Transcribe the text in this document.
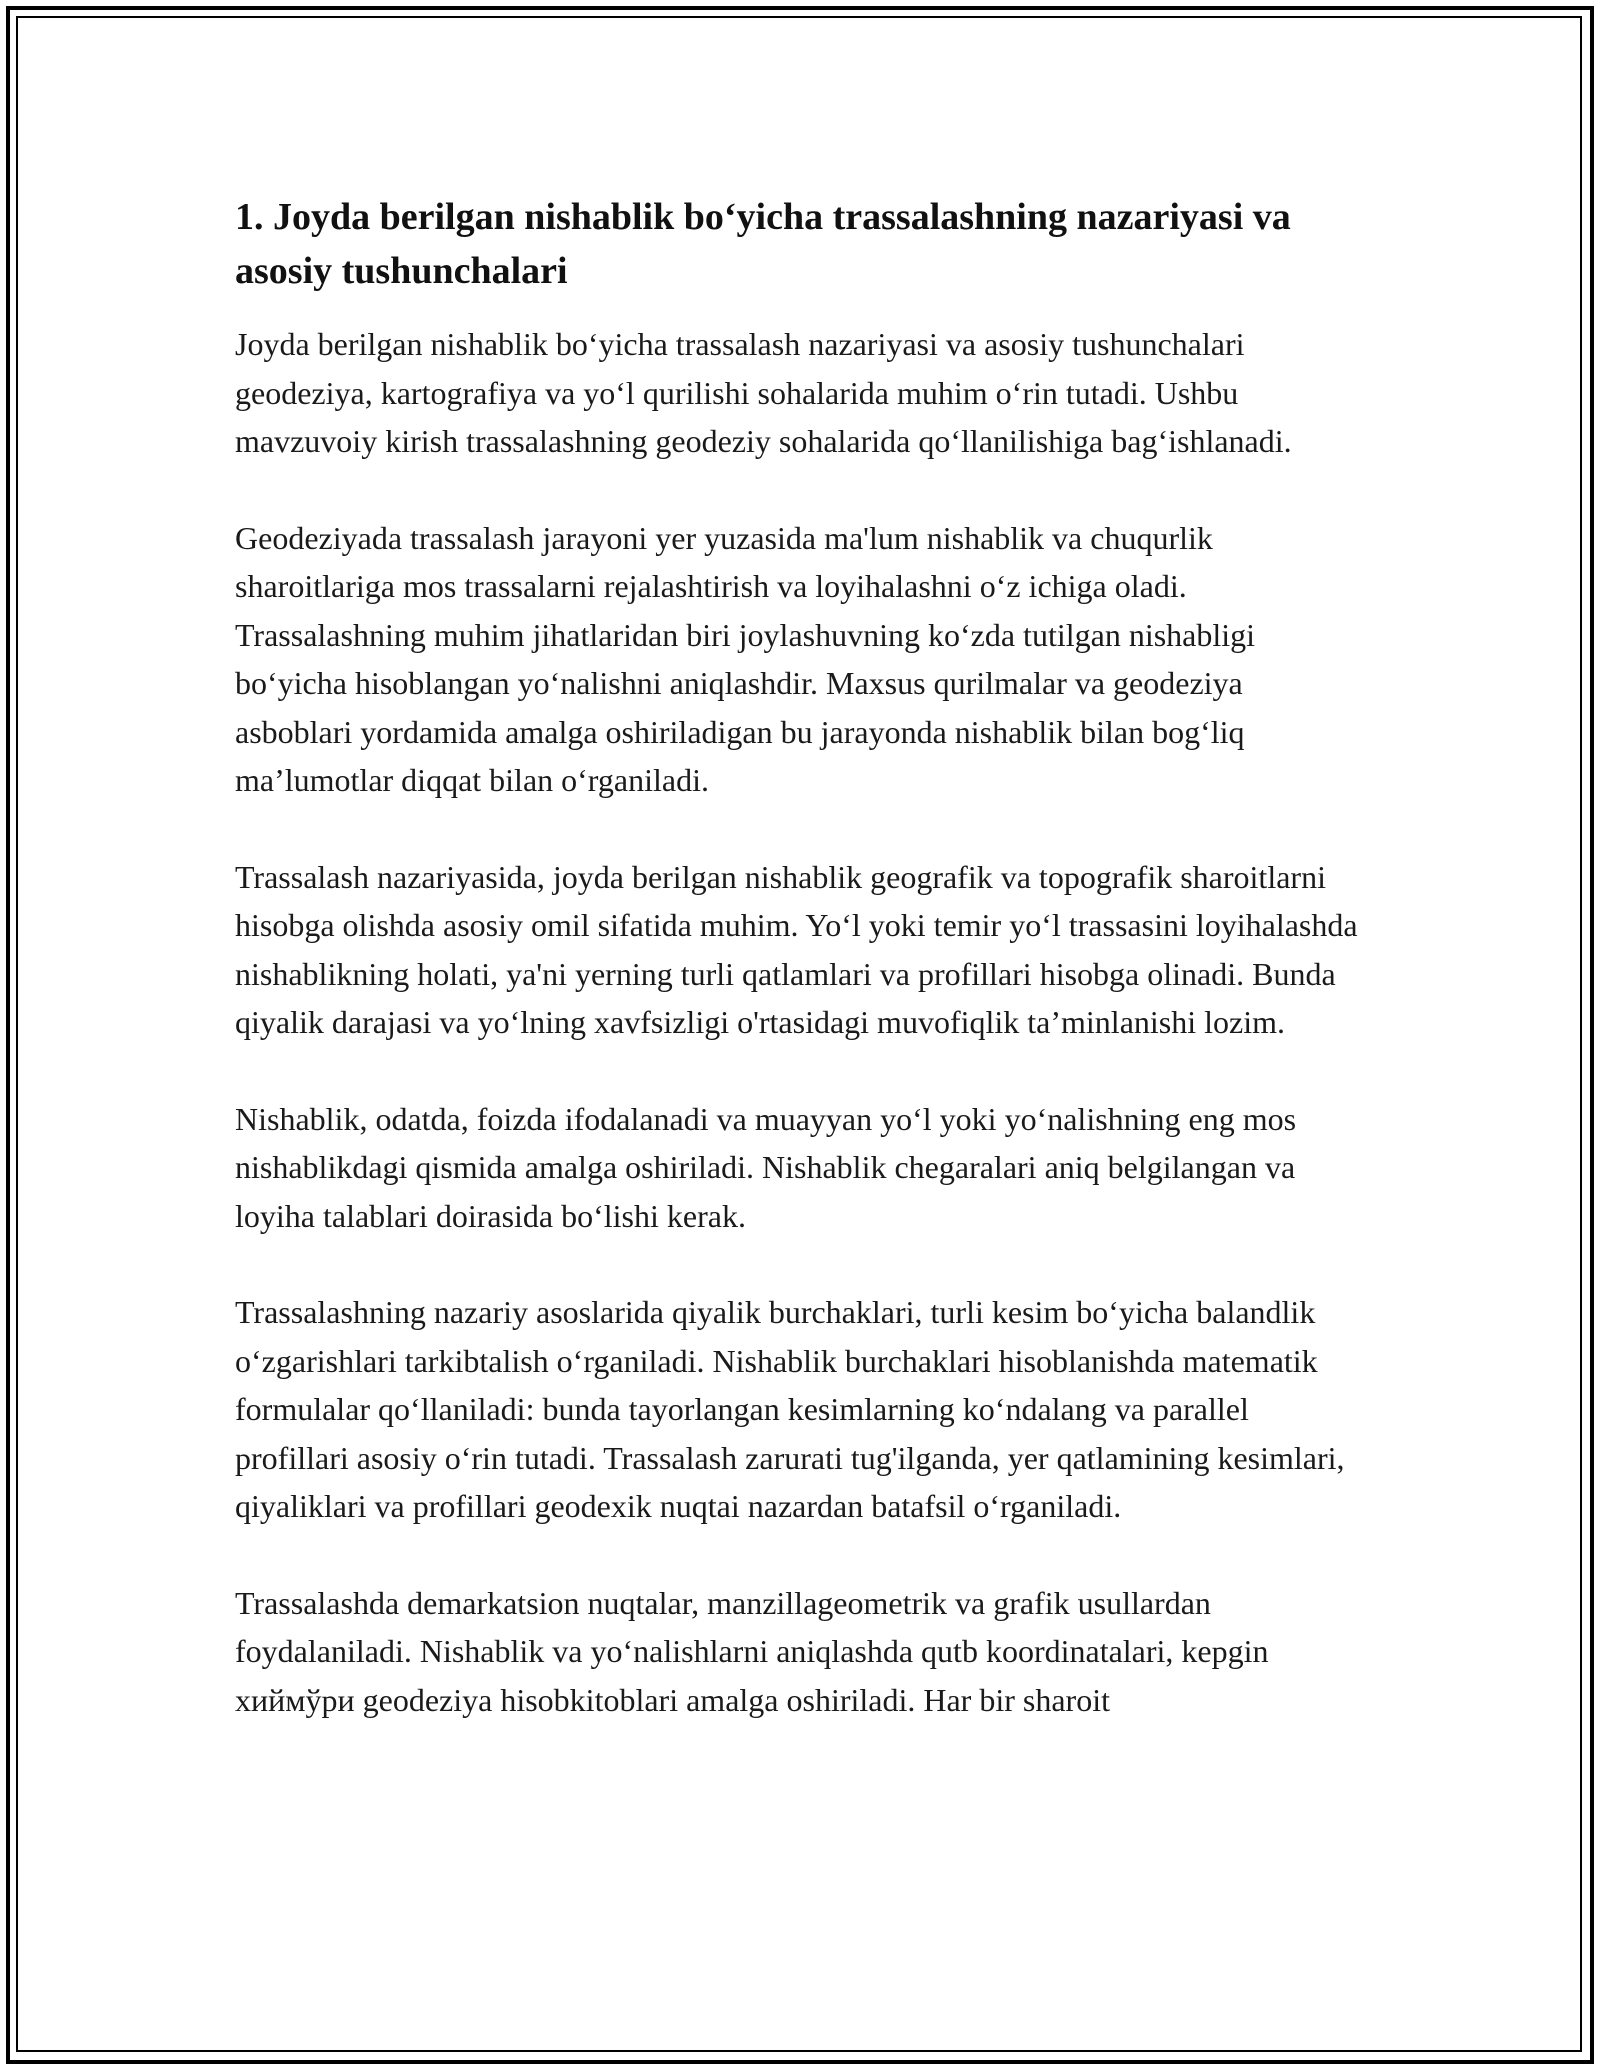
1. Joyda berilgan nishablik bo‘yicha trassalashning nazariyasi va asosiy tushunchalari

Joyda berilgan nishablik bo‘yicha trassalash nazariyasi va asosiy tushunchalari geodeziya, kartografiya va yo‘l qurilishi sohalarida muhim o‘rin tutadi. Ushbu mavzuvoiy kirish trassalashning geodeziy sohalarida qo‘llanilishiga bag‘ishlanadi.

Geodeziyada trassalash jarayoni yer yuzasida ma'lum nishablik va chuqurlik sharoitlariga mos trassalarni rejalashtirish va loyihalashni o‘z ichiga oladi. Trassalashning muhim jihatlaridan biri joylashuvning ko‘zda tutilgan nishabligi bo‘yicha hisoblangan yo‘nalishni aniqlashdir. Maxsus qurilmalar va geodeziya asboblari yordamida amalga oshiriladigan bu jarayonda nishablik bilan bog‘liq ma’lumotlar diqqat bilan o‘rganiladi.

Trassalash nazariyasida, joyda berilgan nishablik geografik va topografik sharoitlarni hisobga olishda asosiy omil sifatida muhim. Yo‘l yoki temir yo‘l trassasini loyihalashda nishablikning holati, ya'ni yerning turli qatlamlari va profillari hisobga olinadi. Bunda qiyalik darajasi va yo‘lning xavfsizligi o'rtasidagi muvofiqlik ta’minlanishi lozim.

Nishablik, odatda, foizda ifodalanadi va muayyan yo‘l yoki yo‘nalishning eng mos nishablikdagi qismida amalga oshiriladi. Nishablik chegaralari aniq belgilangan va loyiha talablari doirasida bo‘lishi kerak.

Trassalashning nazariy asoslarida qiyalik burchaklari, turli kesim bo‘yicha balandlik o‘zgarishlari tarkibtalish o‘rganiladi. Nishablik burchaklari hisoblanishda matematik formulalar qo‘llaniladi: bunda tayorlangan kesimlarning ko‘ndalang va parallel profillari asosiy o‘rin tutadi. Trassalash zarurati tug'ilganda, yer qatlamining kesimlari, qiyaliklari va profillari geodexik nuqtai nazardan batafsil o‘rganiladi.

Trassalashda demarkatsion nuqtalar, manzillageometrik va grafik usullardan foydalaniladi. Nishablik va yo‘nalishlarni aniqlashda qutb koordinatalari, kepgin хиймўри geodeziya hisobkitoblari amalga oshiriladi. Har bir sharoit
